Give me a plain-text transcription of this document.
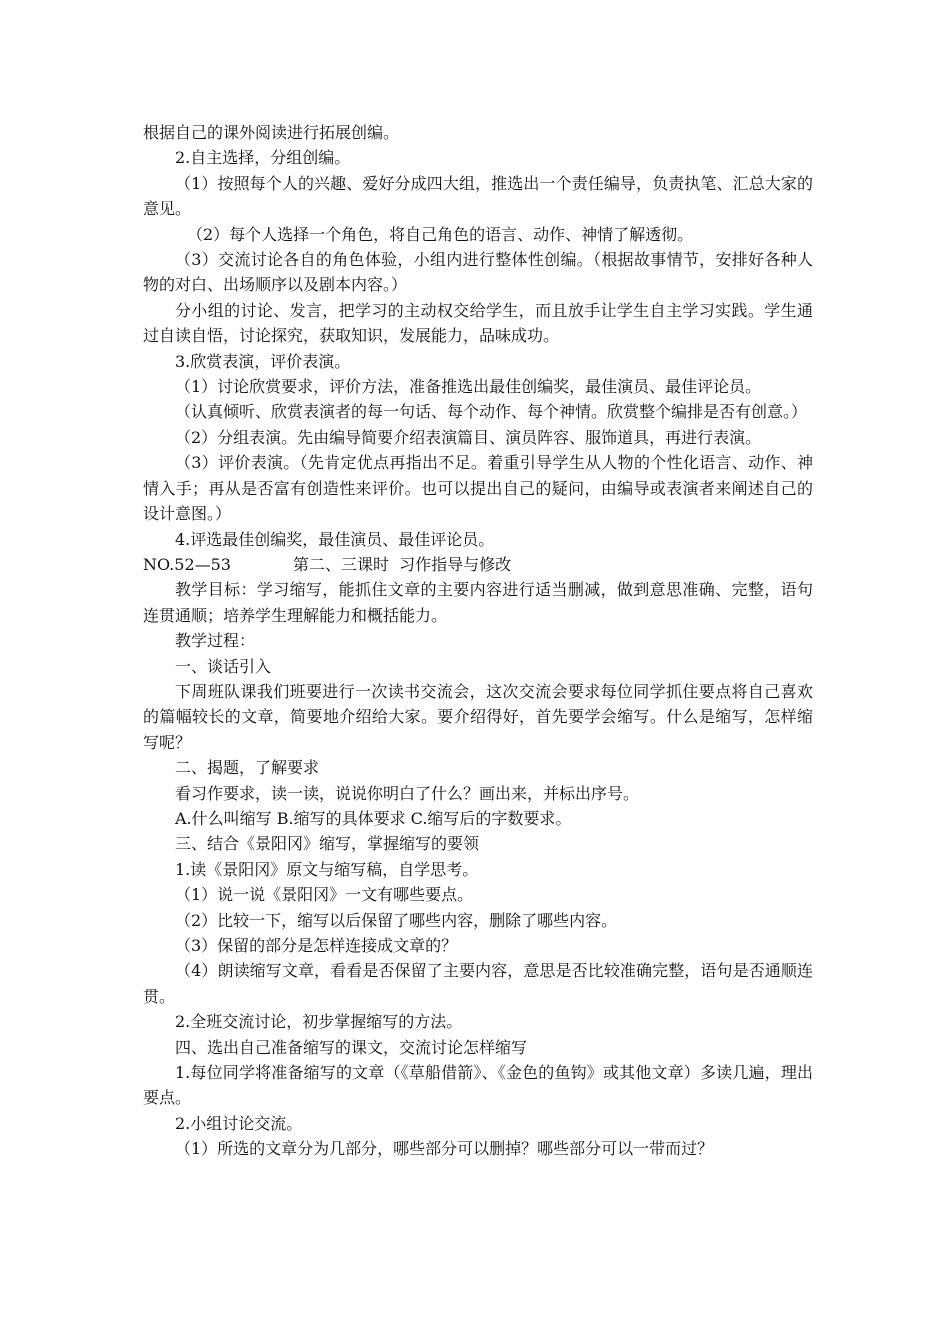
根据自己的课外阅读进行拓展创编。

2.自主选择，分组创编。

（1）按照每个人的兴趣、爱好分成四大组，推选出一个责任编导，负责执笔、汇总大家的意见。

（2）每个人选择一个角色，将自己角色的语言、动作、神情了解透彻。

（3）交流讨论各自的角色体验，小组内进行整体性创编。（根据故事情节，安排好各种人物的对白、出场顺序以及剧本内容。）

分小组的讨论、发言，把学习的主动权交给学生，而且放手让学生自主学习实践。学生通过自读自悟，讨论探究，获取知识，发展能力，品味成功。

3.欣赏表演，评价表演。

（1）讨论欣赏要求，评价方法，准备推选出最佳创编奖，最佳演员、最佳评论员。

（认真倾听、欣赏表演者的每一句话、每个动作、每个神情。欣赏整个编排是否有创意。）

（2）分组表演。先由编导简要介绍表演篇目、演员阵容、服饰道具，再进行表演。

（3）评价表演。（先肯定优点再指出不足。着重引导学生从人物的个性化语言、动作、神情入手；再从是否富有创造性来评价。也可以提出自己的疑问，由编导或表演者来阐述自己的设计意图。）

4.评选最佳创编奖，最佳演员、最佳评论员。

NO.52—53	第二、三课时  习作指导与修改

教学目标：学习缩写，能抓住文章的主要内容进行适当删减，做到意思准确、完整，语句连贯通顺；培养学生理解能力和概括能力。

教学过程：

一、谈话引入

下周班队课我们班要进行一次读书交流会，这次交流会要求每位同学抓住要点将自己喜欢的篇幅较长的文章，简要地介绍给大家。要介绍得好，首先要学会缩写。什么是缩写，怎样缩写呢？

二、揭题，了解要求

看习作要求，读一读，说说你明白了什么？画出来，并标出序号。

A.什么叫缩写 B.缩写的具体要求 C.缩写后的字数要求。

三、结合《景阳冈》缩写，掌握缩写的要领

1.读《景阳冈》原文与缩写稿，自学思考。

（1）说一说《景阳冈》一文有哪些要点。

（2）比较一下，缩写以后保留了哪些内容，删除了哪些内容。

（3）保留的部分是怎样连接成文章的？

（4）朗读缩写文章，看看是否保留了主要内容，意思是否比较准确完整，语句是否通顺连贯。

2.全班交流讨论，初步掌握缩写的方法。

四、选出自己准备缩写的课文，交流讨论怎样缩写

1.每位同学将准备缩写的文章（《草船借箭》、《金色的鱼钩》或其他文章）多读几遍，理出要点。

2.小组讨论交流。

（1）所选的文章分为几部分，哪些部分可以删掉？哪些部分可以一带而过？
